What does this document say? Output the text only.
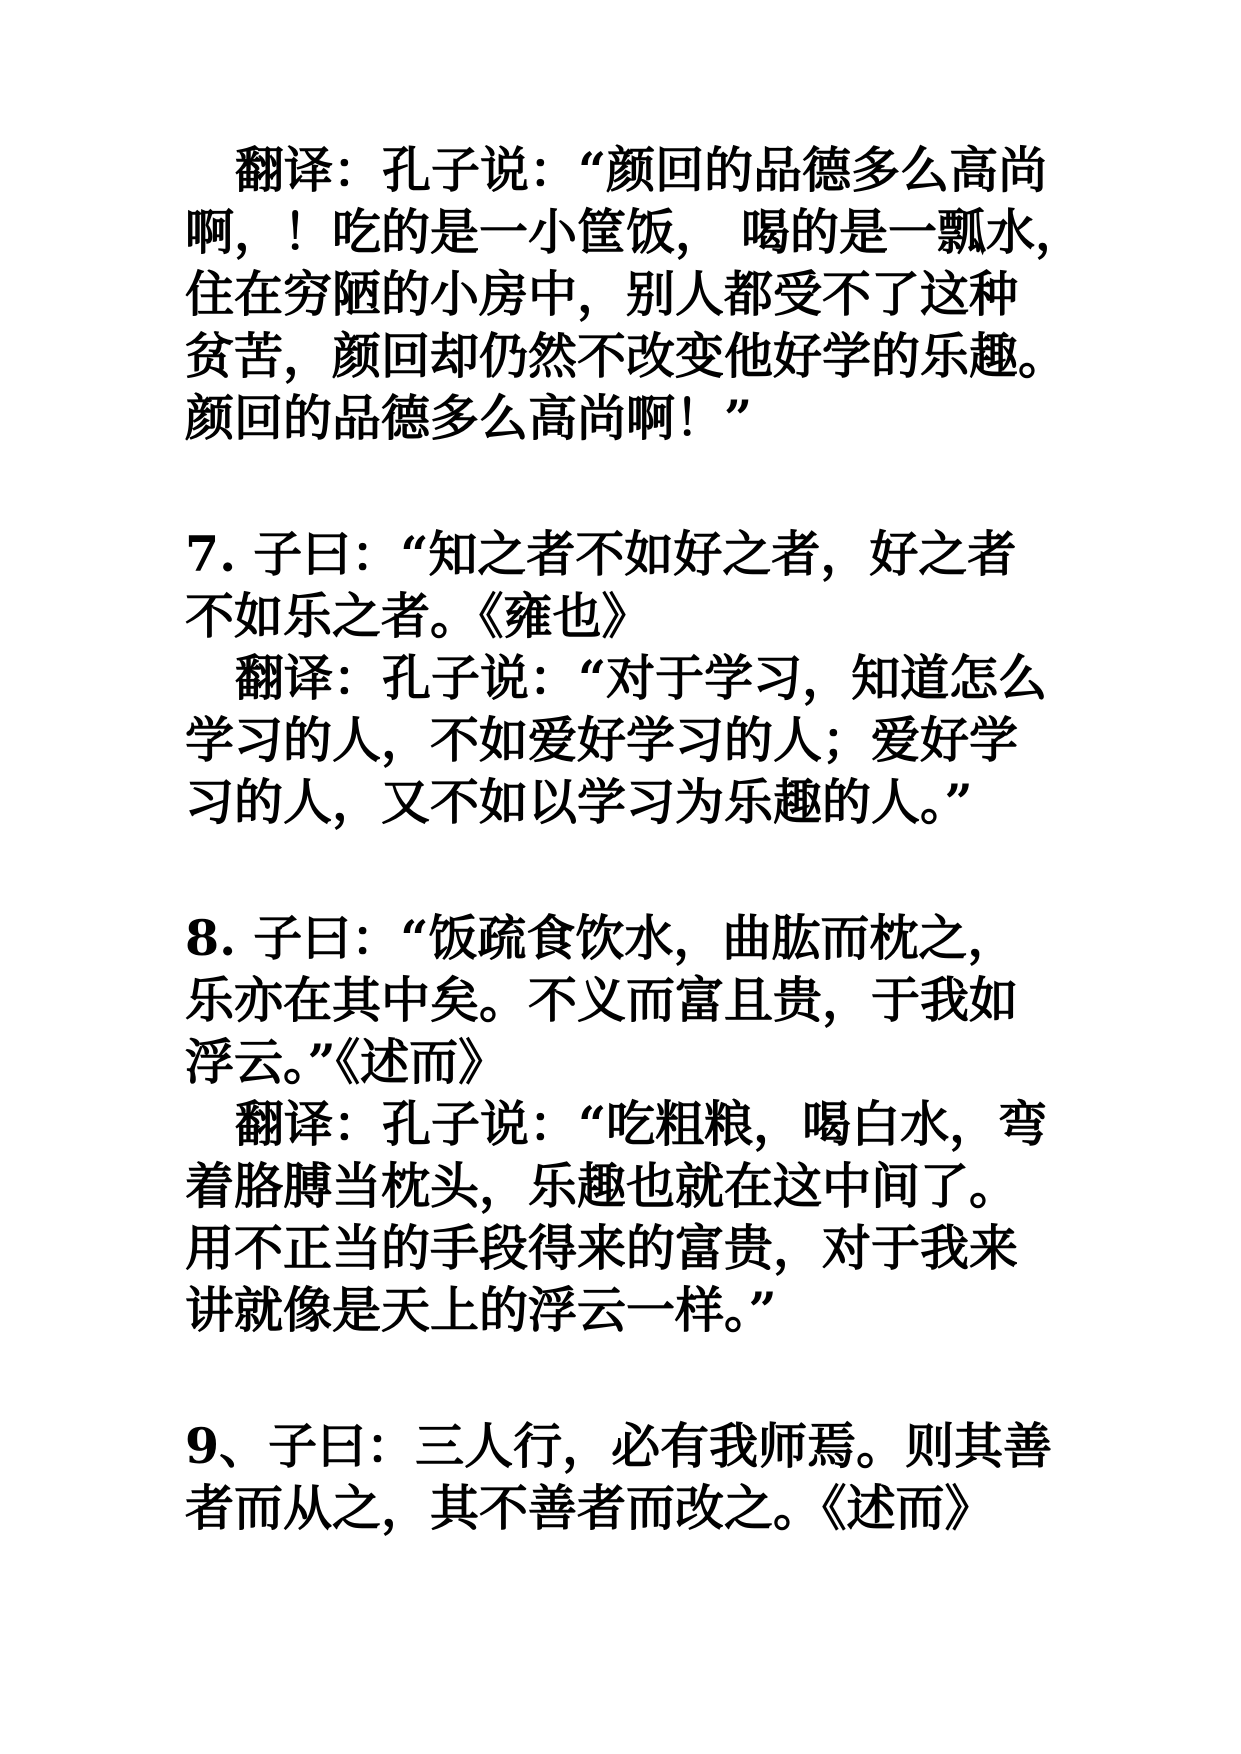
翻译：孔子说：“颜回的品德多么高尚

啊，！吃的是一小筐饭， 喝的是一瓢水，

住在穷陋的小房中，别人都受不了这种

贫苦，颜回却仍然不改变他好学的乐趣。

颜回的品德多么高尚啊！”

7. 子曰：“知之者不如好之者，好之者

不如乐之者。《雍也》

翻译：孔子说：“对于学习，知道怎么

学习的人，不如爱好学习的人；爱好学

习的人，又不如以学习为乐趣的人。”

8. 子曰：“饭疏食饮水，曲肱而枕之，

乐亦在其中矣。不义而富且贵，于我如

浮云。”《述而》

翻译：孔子说：“吃粗粮，喝白水，弯

着胳膊当枕头，乐趣也就在这中间了。

用不正当的手段得来的富贵，对于我来

讲就像是天上的浮云一样。”

9、子曰：三人行，必有我师焉。则其善

者而从之，其不善者而改之。《述而》
